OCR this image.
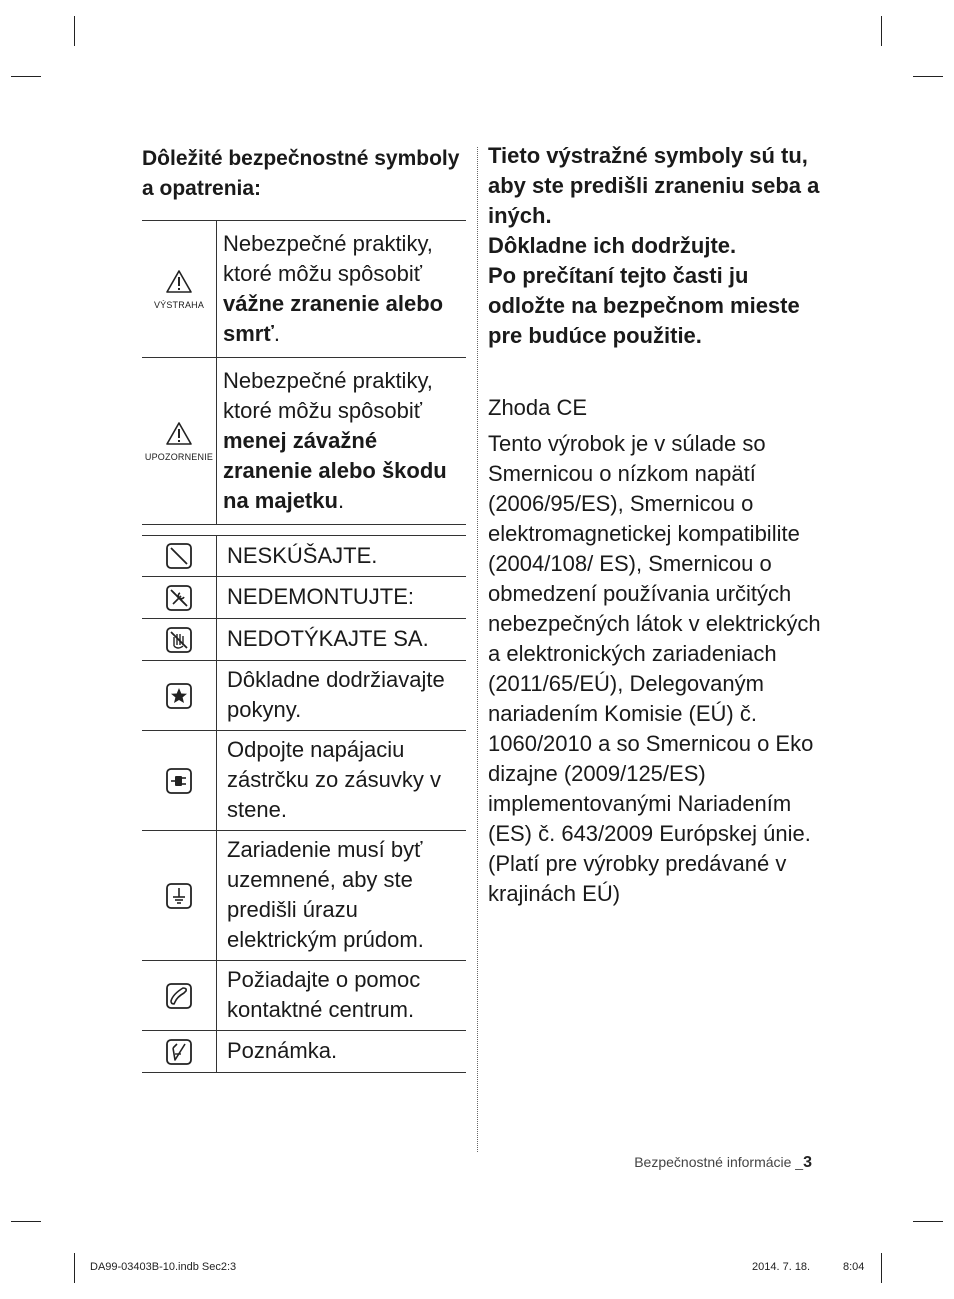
Dôležité bezpečnostné symboly a opatrenia:
VÝSTRAHA	Nebezpečné praktiky, ktoré môžu spôsobiť vážne zranenie alebo smrť.

UPOZORNENIE	Nebezpečné praktiky, ktoré môžu spôsobiť menej závažné zranenie alebo škodu na majetku.
	NESKÚŠAJTE.
	NEDEMONTUJTE:
	NEDOTÝKAJTE SA.
	Dôkladne dodržiavajte pokyny.
	Odpojte napájaciu zástrčku zo zásuvky v stene.
	Zariadenie musí byť uzemnené, aby ste predišli úrazu elektrickým prúdom.
	Požiadajte o pomoc kontaktné centrum.
	Poznámka.

Tieto výstražné symboly sú tu, aby ste predišli zraneniu seba a iných.
Dôkladne ich dodržujte.
Po prečítaní tejto časti ju odložte na bezpečnom mieste pre budúce použitie.

Zhoda CE

Tento výrobok je v súlade so Smernicou o nízkom napätí (2006/95/ES), Smernicou o elektromagnetickej kompatibilite (2004/108/ ES), Smernicou o obmedzení používania určitých nebezpečných látok v elektrických a elektronických zariadeniach (2011/65/EÚ), Delegovaným nariadením Komisie (EÚ) č. 1060/2010 a so Smernicou o Eko dizajne (2009/125/ES) implementovanými Nariadením (ES) č. 643/2009 Európskej únie. (Platí pre výrobky predávané v krajinách EÚ)

Bezpečnostné informácie _3
DA99-03403B-10.indb Sec2:3	2014. 7. 18.	8:04
